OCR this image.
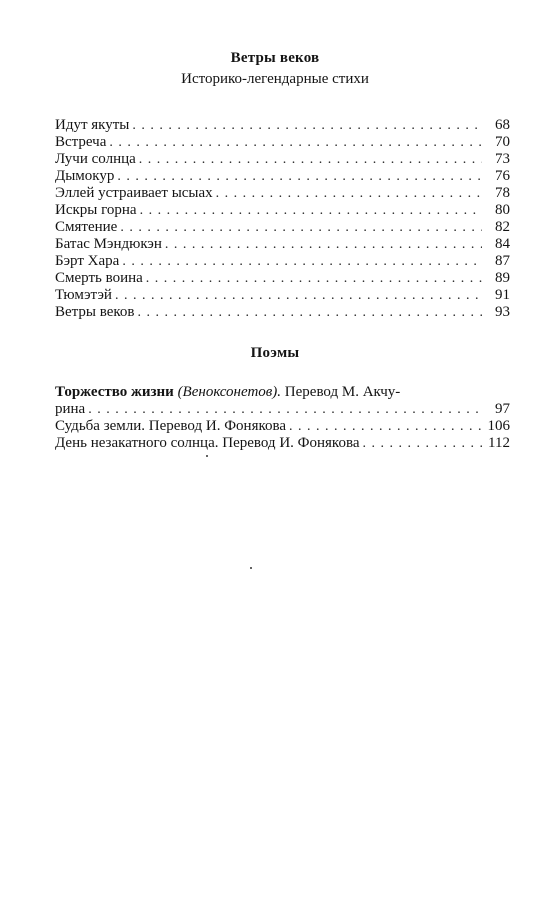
Ветры веков
Историко-легендарные стихи
Идут якуты . . .	68
Встреча . . .	70
Лучи солнца . . .	73
Дымокур . . .	76
Эллей устраивает ысыах . . .	78
Искры горна . . .	80
Смятение . . .	82
Батас Мэндюкэн . . .	84
Бэрт Хара . . .	87
Смерть воина . . .	89
Тюмэтэй . . .	91
Ветры веков . . .	93
Поэмы
Торжество жизни (Веноксонетов). Перевод М. Акчу-
рина . . .	97
Судьба земли. Перевод И. Фонякова . . .	106
День незакатного солнца. Перевод И. Фонякова . . .	112
